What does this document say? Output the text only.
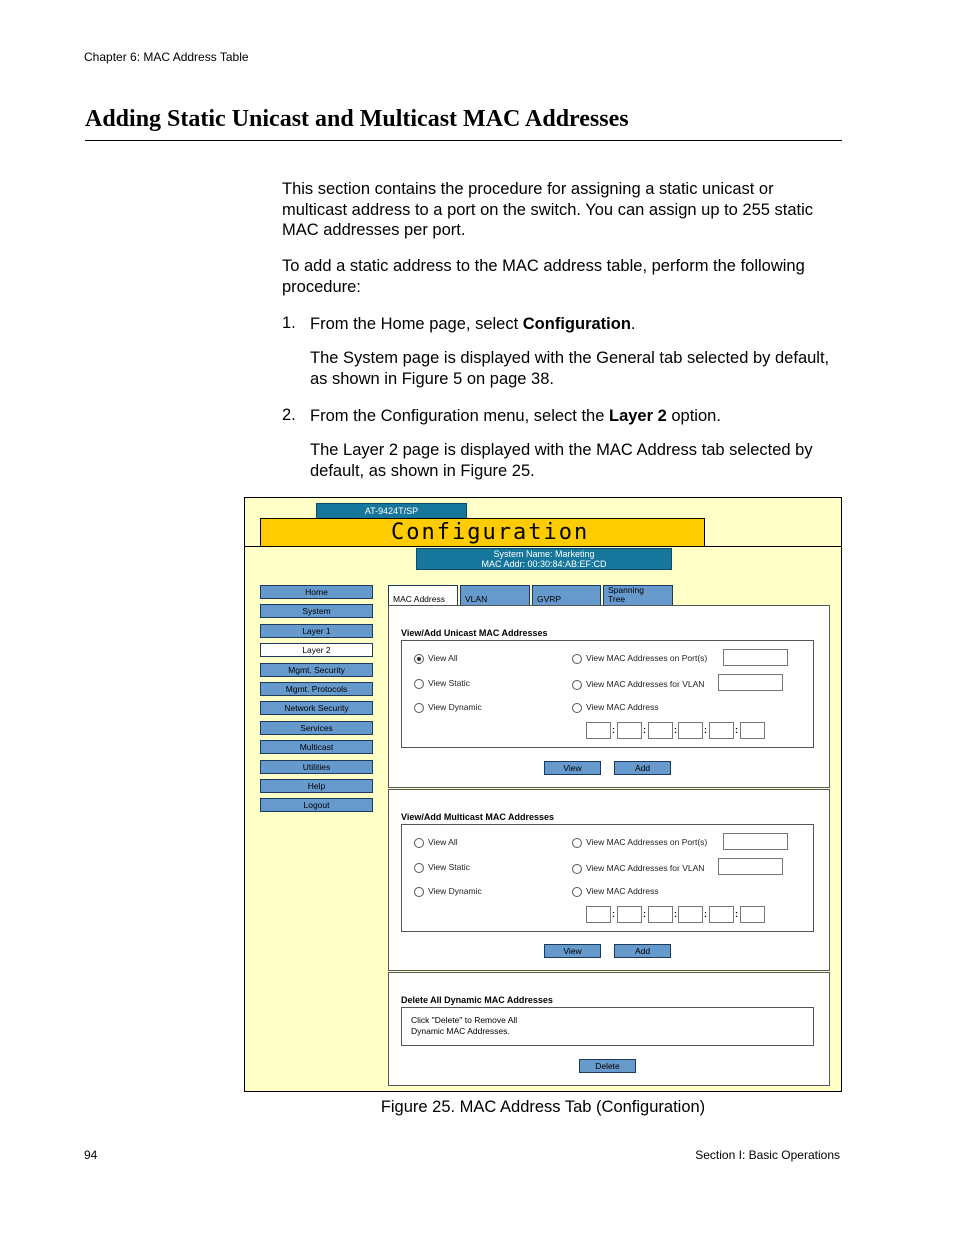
Chapter 6: MAC Address Table
Adding Static Unicast and Multicast MAC Addresses
This section contains the procedure for assigning a static unicast or multicast address to a port on the switch. You can assign up to 255 static MAC addresses per port.
To add a static address to the MAC address table, perform the following procedure:
1. From the Home page, select Configuration.
The System page is displayed with the General tab selected by default, as shown in Figure 5 on page 38.
2. From the Configuration menu, select the Layer 2 option.
The Layer 2 page is displayed with the MAC Address tab selected by default, as shown in Figure 25.
AT-9424T/SP
Configuration
System Name: Marketing
MAC Addr: 00:30:84:AB:EF:CD
Home
System
Layer 1
Layer 2
Mgmt. Security
Mgmt. Protocols
Network Security
Services
Multicast
Utilities
Help
Logout
MAC Address VLAN	GVRP
Spanning Tree
View/Add Unicast MAC Addresses
View All
View Static
View Dynamic
View MAC Addresses on Port(s)
View MAC Addresses for VLAN
View MAC Address
:	:	:	:	:
View	Add
View/Add Multicast MAC Addresses
View All
View Static
View Dynamic
View MAC Addresses on Port(s)
View MAC Addresses for VLAN
View MAC Address
:	:	:	:	:
View	Add
Delete All Dynamic MAC Addresses
Click "Delete" to Remove All
Dynamic MAC Addresses.
Delete
Figure 25. MAC Address Tab (Configuration)
94	Section I: Basic Operations
